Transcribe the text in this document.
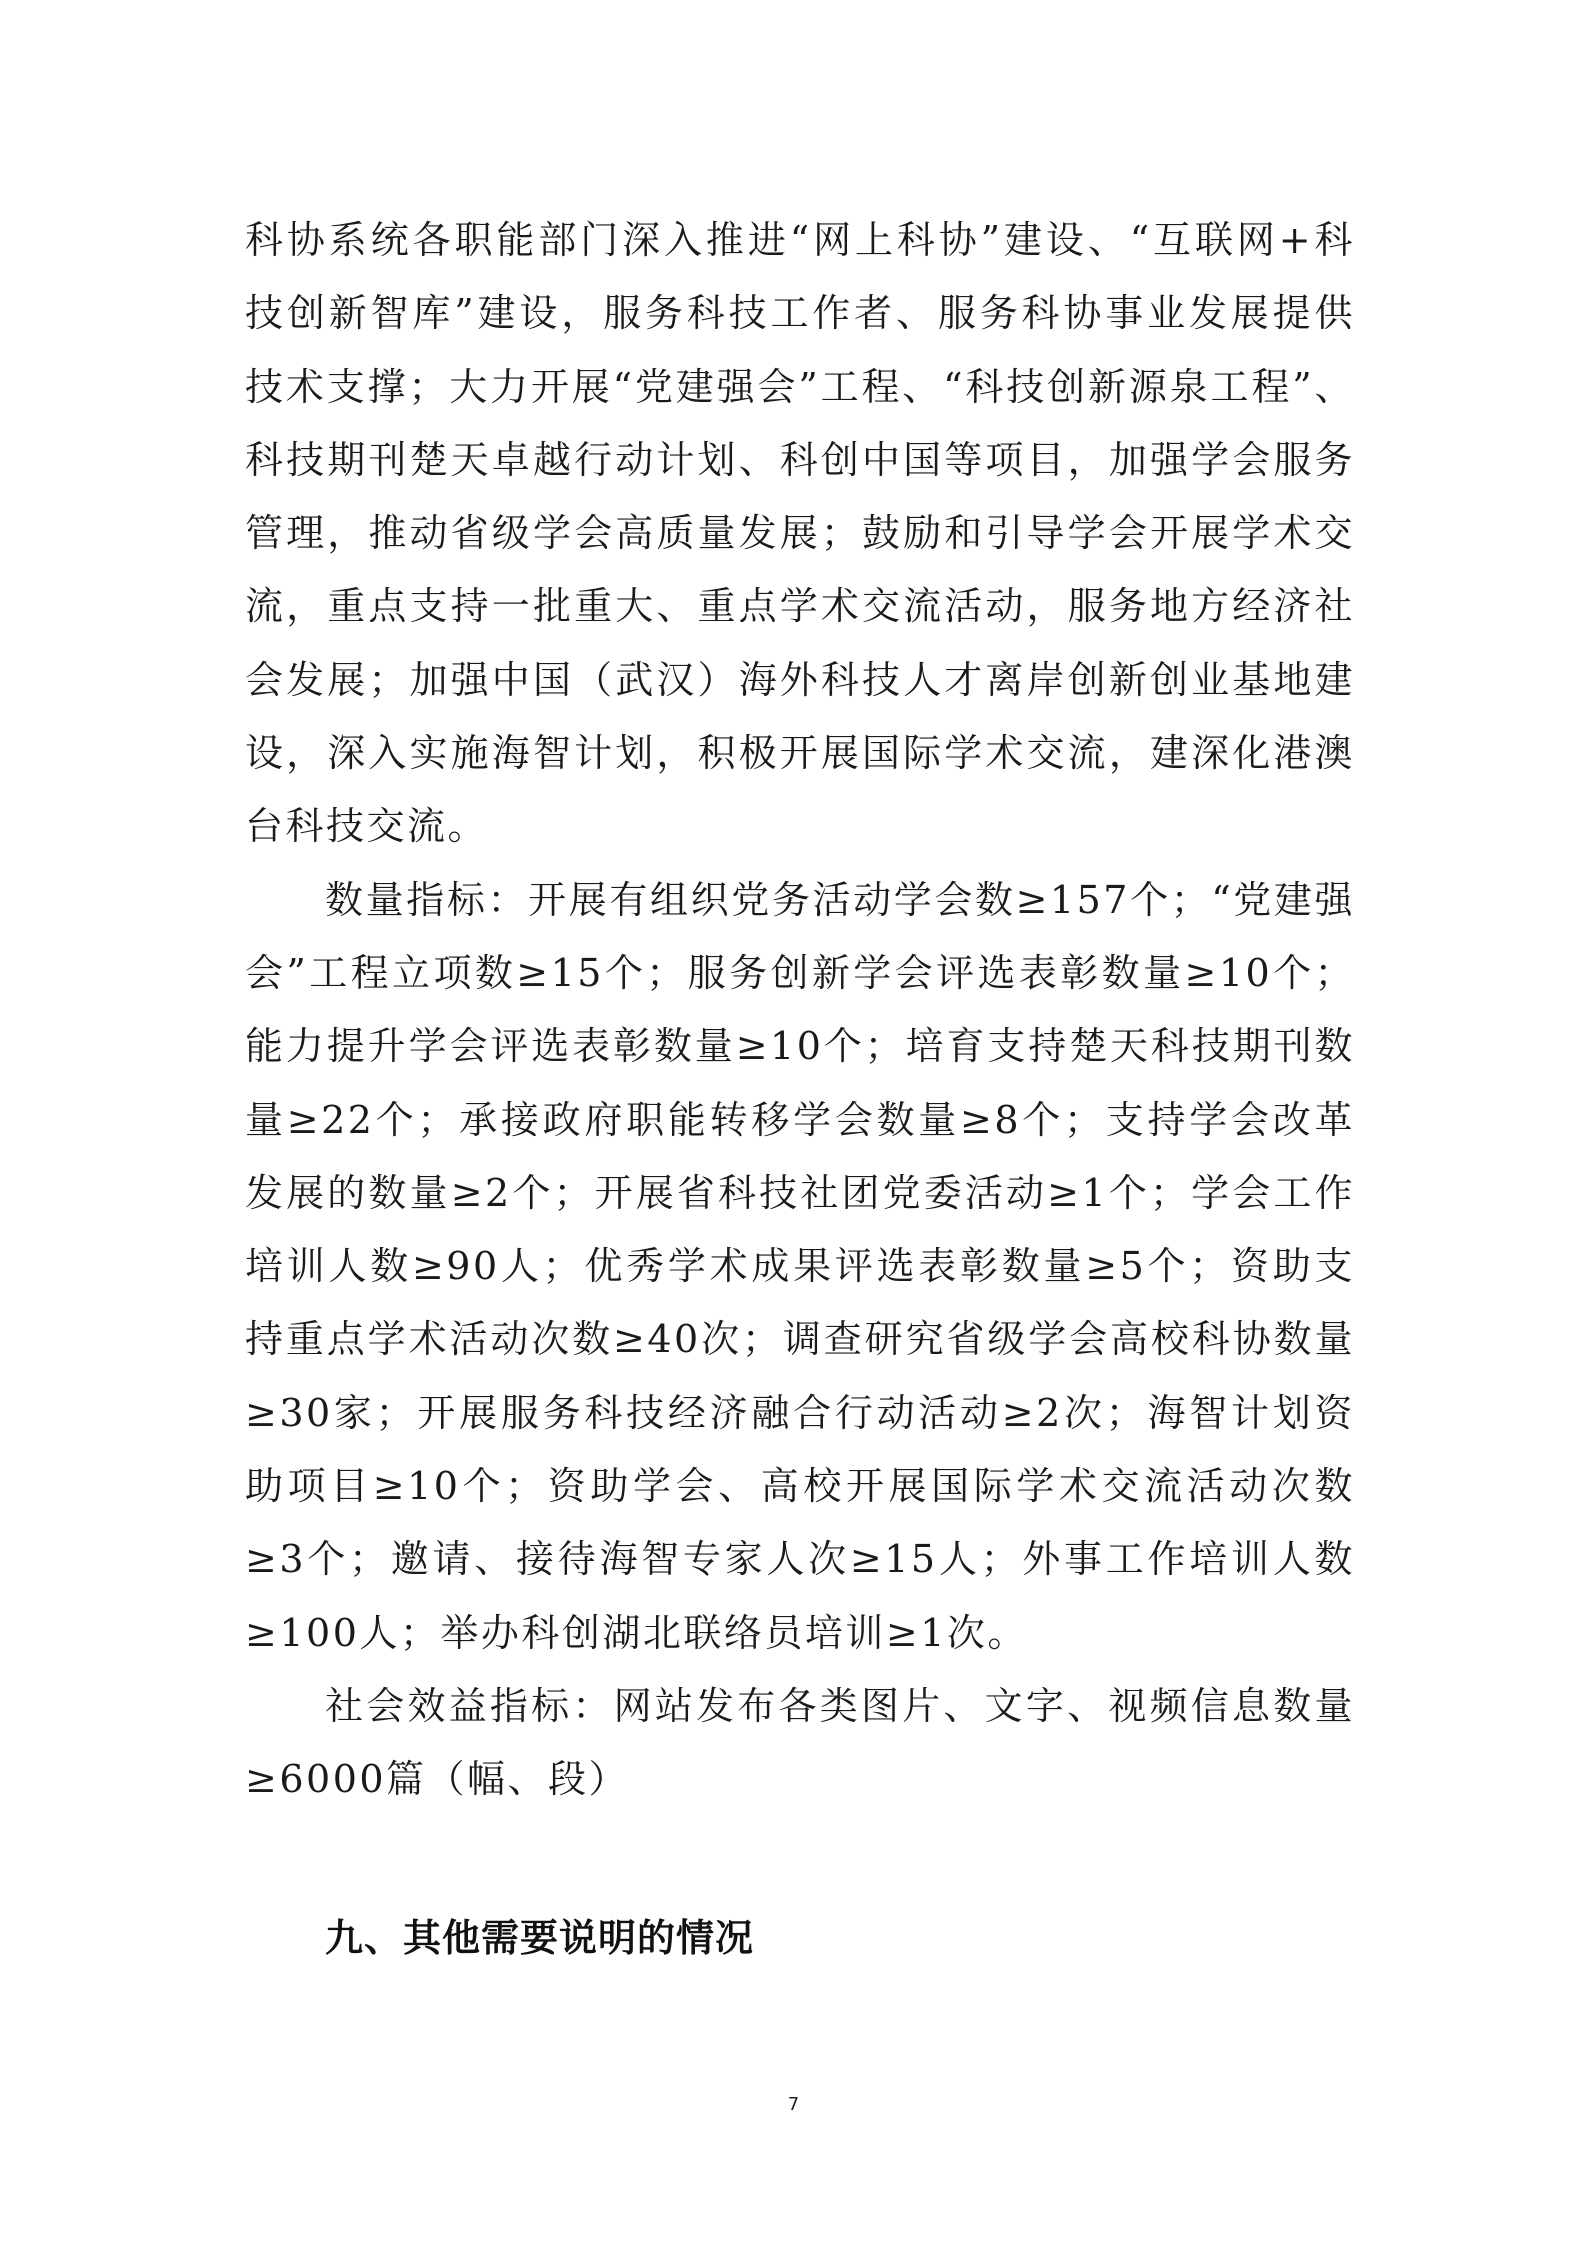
科协系统各职能部门深入推进“网上科协”建设、“互联网+科技创新智库”建设，服务科技工作者、服务科协事业发展提供技术支撑；大力开展“党建强会”工程、“科技创新源泉工程”、科技期刊楚天卓越行动计划、科创中国等项目，加强学会服务管理，推动省级学会高质量发展；鼓励和引导学会开展学术交流，重点支持一批重大、重点学术交流活动，服务地方经济社会发展；加强中国（武汉）海外科技人才离岸创新创业基地建设，深入实施海智计划，积极开展国际学术交流，建深化港澳台科技交流。

数量指标：开展有组织党务活动学会数≥157个；“党建强会”工程立项数≥15个；服务创新学会评选表彰数量≥10个；能力提升学会评选表彰数量≥10个；培育支持楚天科技期刊数量≥22个；承接政府职能转移学会数量≥8个；支持学会改革发展的数量≥2个；开展省科技社团党委活动≥1个；学会工作培训人数≥90人；优秀学术成果评选表彰数量≥5个；资助支持重点学术活动次数≥40次；调查研究省级学会高校科协数量≥30家；开展服务科技经济融合行动活动≥2次；海智计划资助项目≥10个；资助学会、高校开展国际学术交流活动次数≥3个；邀请、接待海智专家人次≥15人；外事工作培训人数≥100人；举办科创湖北联络员培训≥1次。

社会效益指标：网站发布各类图片、文字、视频信息数量≥6000篇（幅、段）

九、其他需要说明的情况
7
